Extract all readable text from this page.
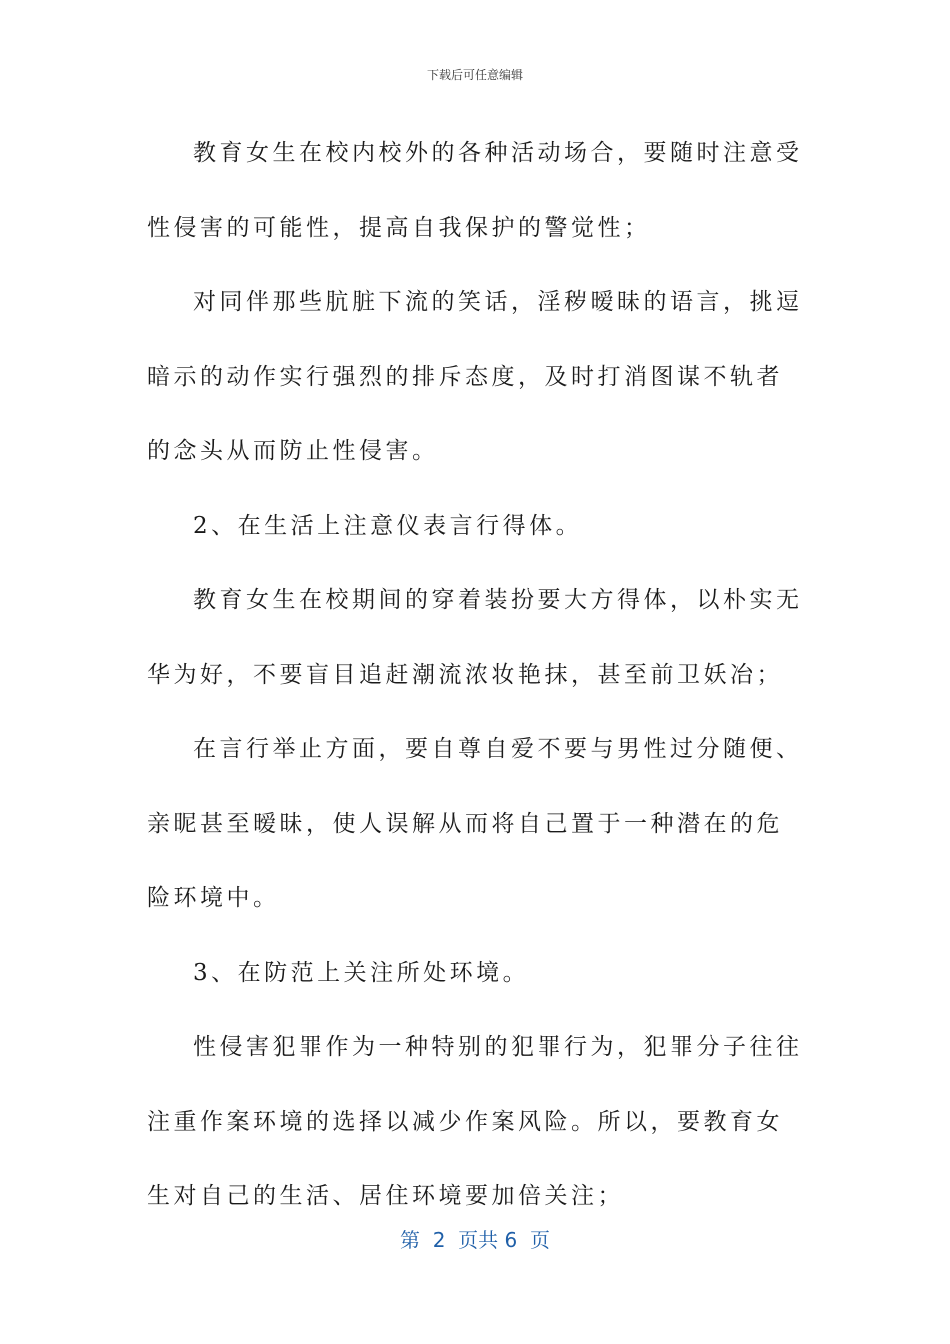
下载后可任意编辑

教育女生在校内校外的各种活动场合，要随时注意受性侵害的可能性，提高自我保护的警觉性；

对同伴那些肮脏下流的笑话，淫秽暧昧的语言，挑逗暗示的动作实行强烈的排斥态度，及时打消图谋不轨者的念头从而防止性侵害。

2、在生活上注意仪表言行得体。

教育女生在校期间的穿着装扮要大方得体，以朴实无华为好，不要盲目追赶潮流浓妆艳抹，甚至前卫妖冶；

在言行举止方面，要自尊自爱不要与男性过分随便、亲昵甚至暧昧，使人误解从而将自己置于一种潜在的危险环境中。

3、在防范上关注所处环境。

性侵害犯罪作为一种特别的犯罪行为，犯罪分子往往注重作案环境的选择以减少作案风险。所以，要教育女生对自己的生活、居住环境要加倍关注；

第  2  页共 6  页
